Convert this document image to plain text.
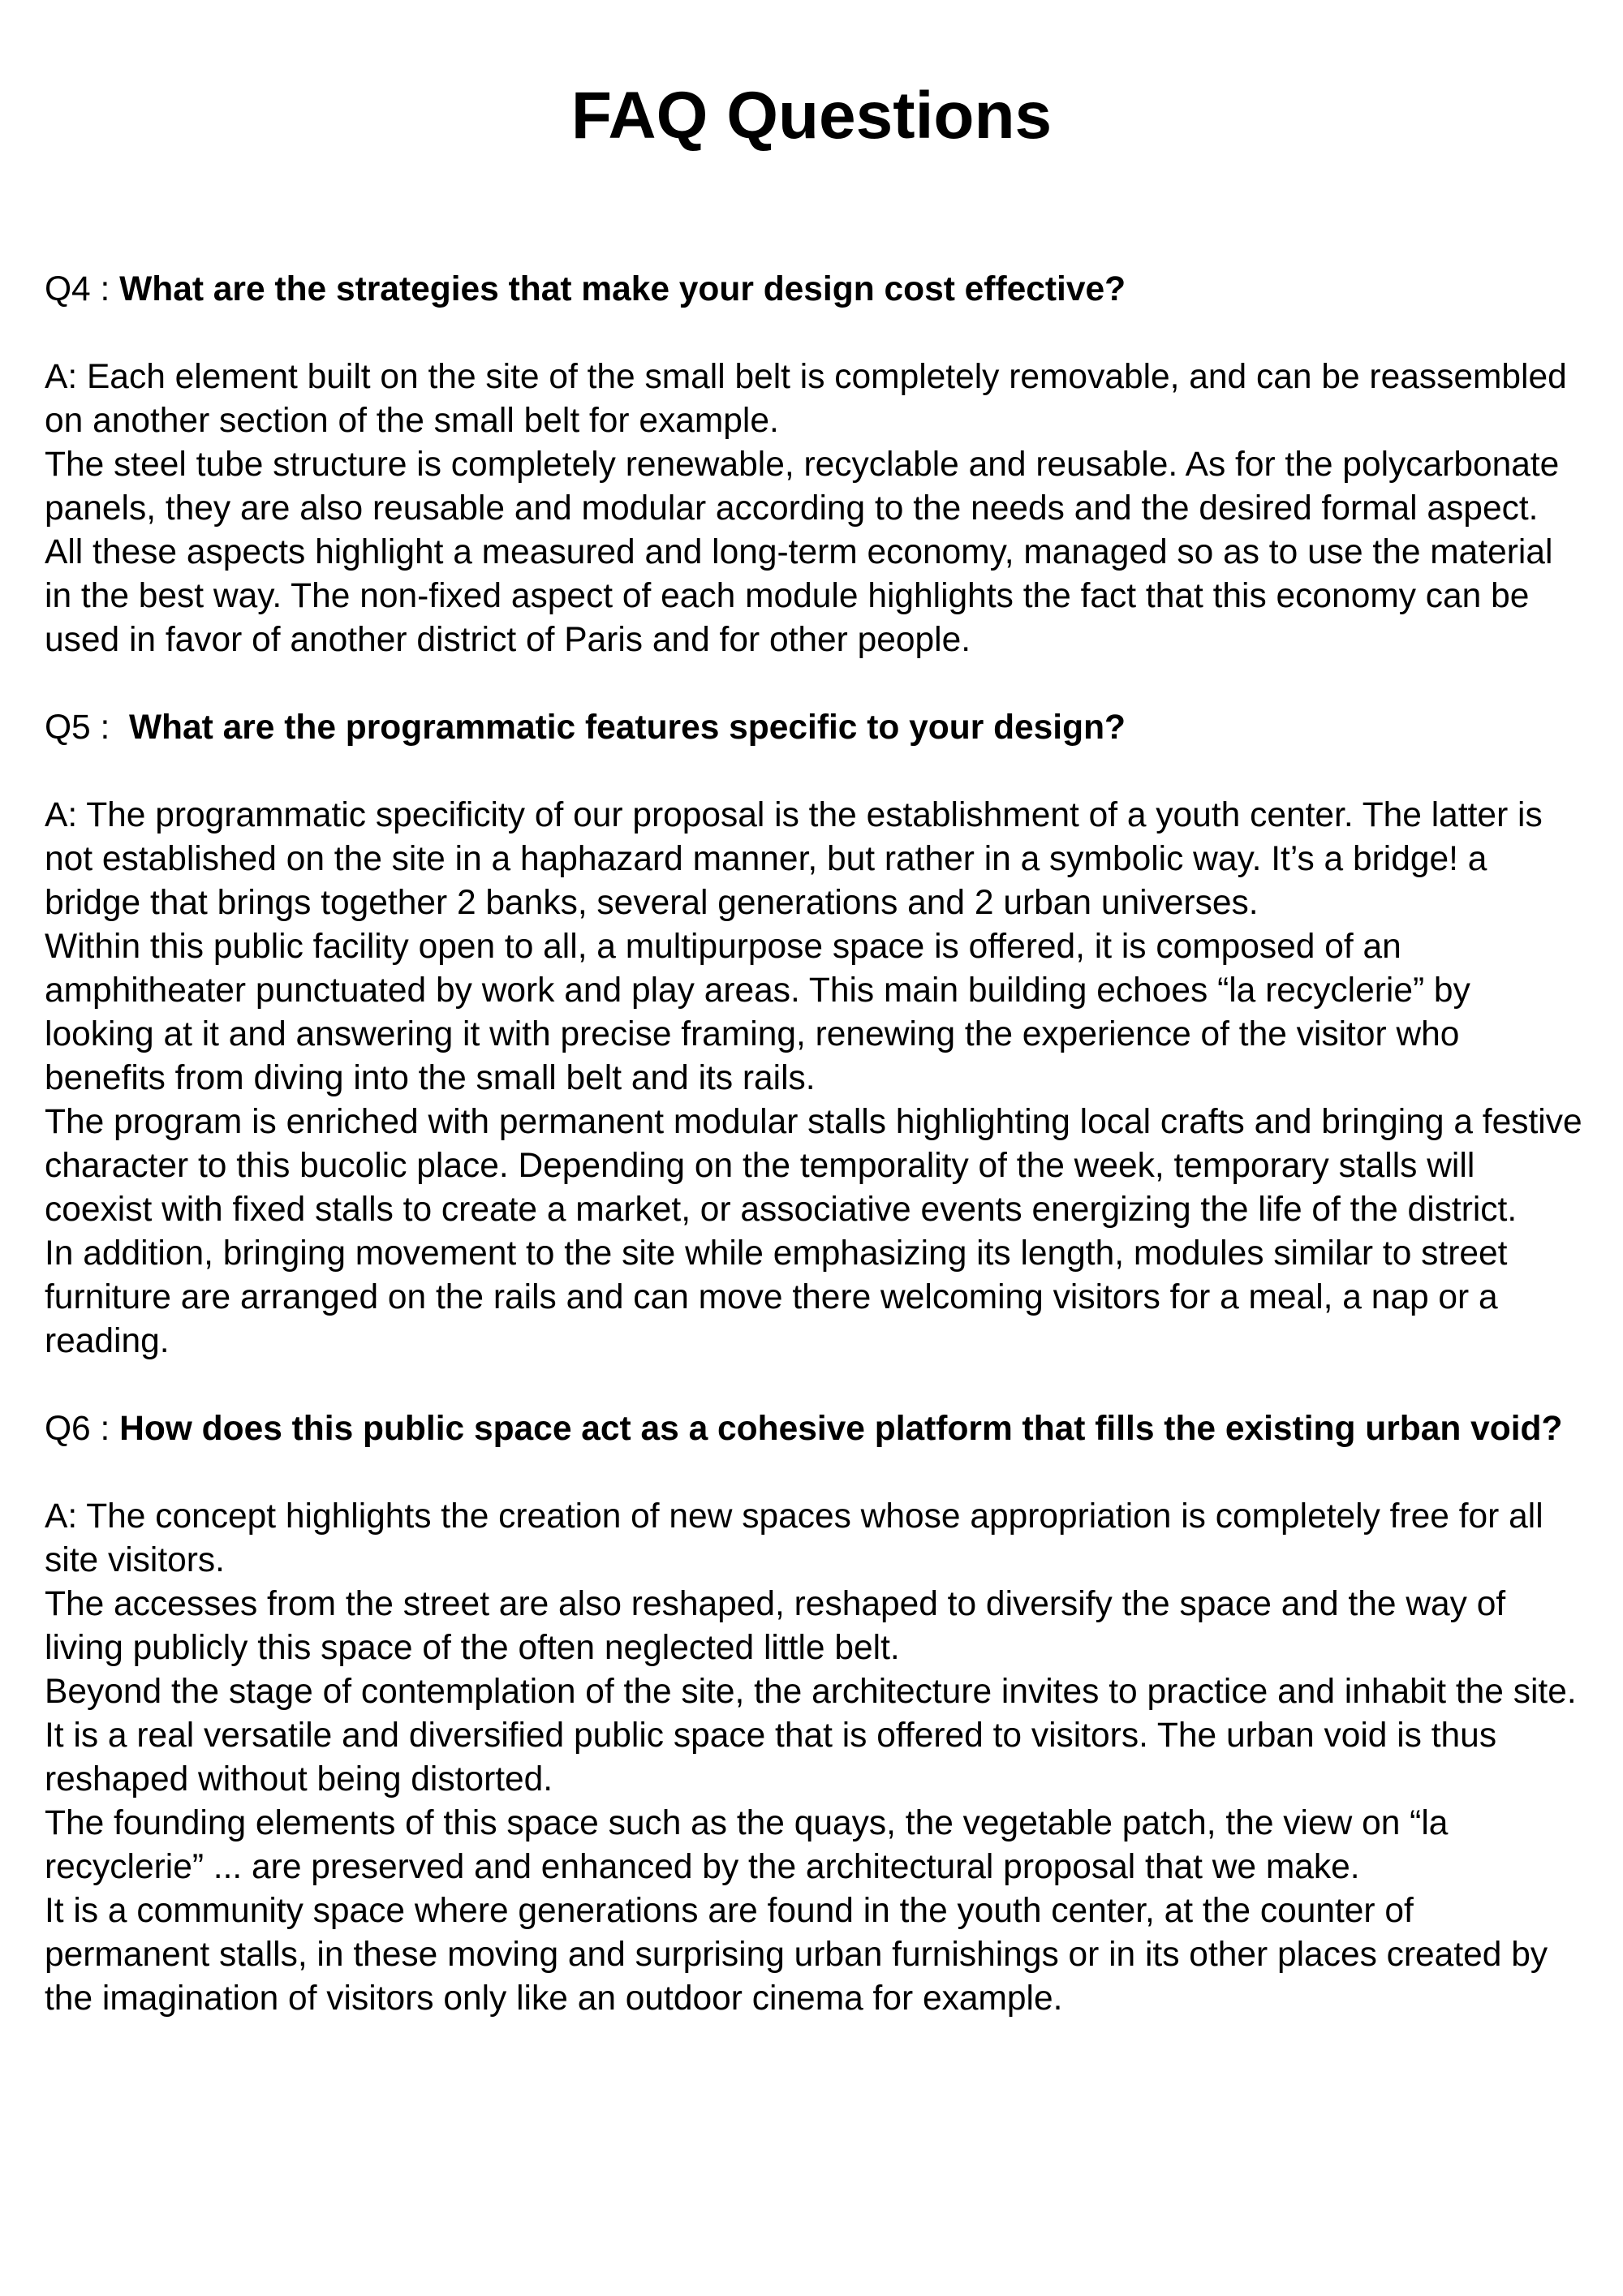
FAQ Questions

Q4 : What are the strategies that make your design cost effective?

A: Each element built on the site of the small belt is completely removable, and can be reassembled on another section of the small belt for example.

The steel tube structure is completely renewable, recyclable and reusable. As for the polycarbonate panels, they are also reusable and modular according to the needs and the desired formal aspect.

All these aspects highlight a measured and long-term economy, managed so as to use the material in the best way. The non-fixed aspect of each module highlights the fact that this economy can be used in favor of another district of Paris and for other people.

Q5 :  What are the programmatic features specific to your design?

A: The programmatic specificity of our proposal is the establishment of a youth center. The latter is not established on the site in a haphazard manner, but rather in a symbolic way. It’s a bridge! a bridge that brings together 2 banks, several generations and 2 urban universes.

Within this public facility open to all, a multipurpose space is offered, it is composed of an amphitheater punctuated by work and play areas. This main building echoes “la recyclerie” by looking at it and answering it with precise framing, renewing the experience of the visitor who benefits from diving into the small belt and its rails.

The program is enriched with permanent modular stalls highlighting local crafts and bringing a festive character to this bucolic place. Depending on the temporality of the week, temporary stalls will coexist with fixed stalls to create a market, or associative events energizing the life of the district.

In addition, bringing movement to the site while emphasizing its length, modules similar to street furniture are arranged on the rails and can move there welcoming visitors for a meal, a nap or a reading.

Q6 : How does this public space act as a cohesive platform that fills the existing urban void?

A: The concept highlights the creation of new spaces whose appropriation is completely free for all site visitors.

The accesses from the street are also reshaped, reshaped to diversify the space and the way of living publicly this space of the often neglected little belt.

Beyond the stage of contemplation of the site, the architecture invites to practice and inhabit the site. It is a real versatile and diversified public space that is offered to visitors. The urban void is thus reshaped without being distorted.

The founding elements of this space such as the quays, the vegetable patch, the view on “la recyclerie” ... are preserved and enhanced by the architectural proposal that we make.

It is a community space where generations are found in the youth center, at the counter of permanent stalls, in these moving and surprising urban furnishings or in its other places created by the imagination of visitors only like an outdoor cinema for example.
